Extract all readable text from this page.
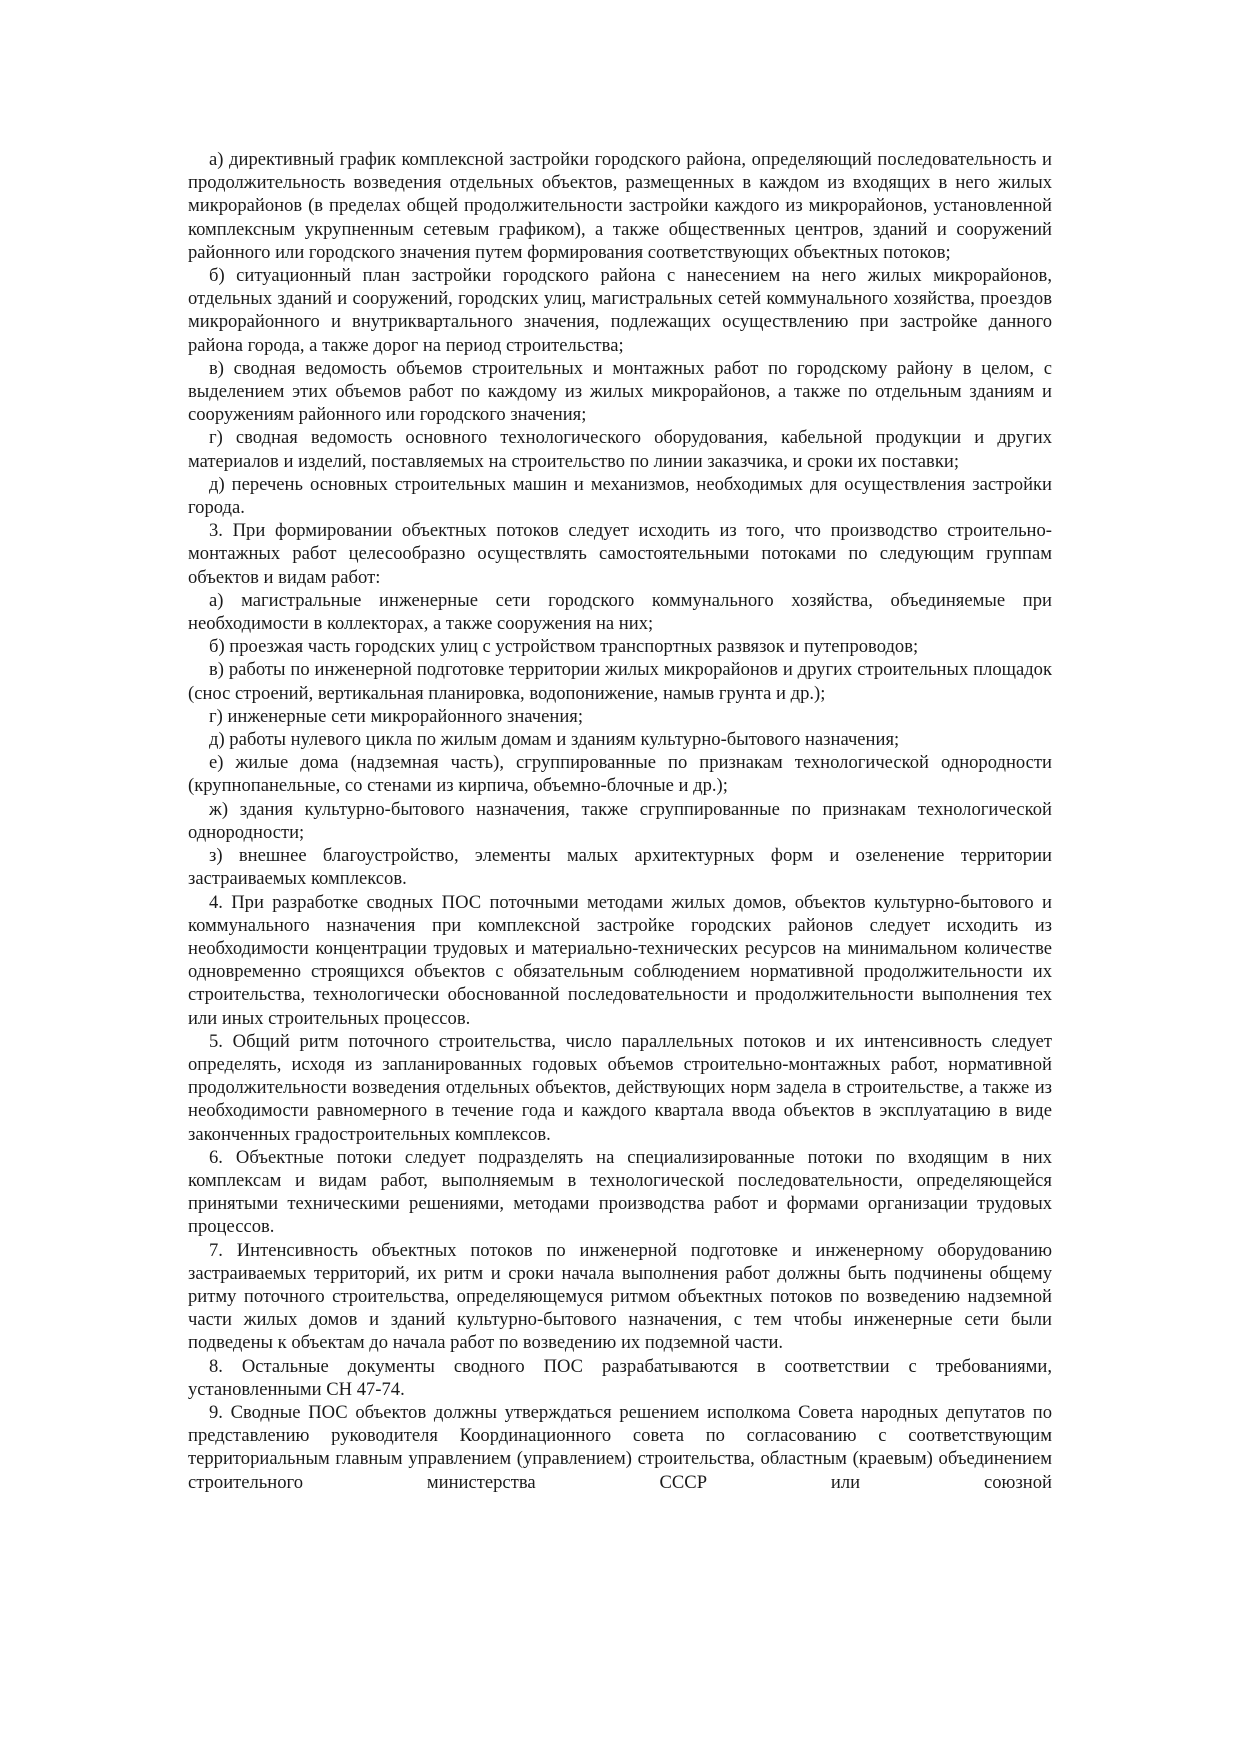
а) директивный график комплексной застройки городского района, определяющий последовательность и продолжительность возведения отдельных объектов, размещенных в каждом из входящих в него жилых микрорайонов (в пределах общей продолжительности застройки каждого из микрорайонов, установленной комплексным укрупненным сетевым графиком), а также общественных центров, зданий и сооружений районного или городского значения путем формирования соответствующих объектных потоков;

б) ситуационный план застройки городского района с нанесением на него жилых микрорайонов, отдельных зданий и сооружений, городских улиц, магистральных сетей коммунального хозяйства, проездов микрорайонного и внутриквартального значения, подлежащих осуществлению при застройке данного района города, а также дорог на период строительства;

в) сводная ведомость объемов строительных и монтажных работ по городскому району в целом, с выделением этих объемов работ по каждому из жилых микрорайонов, а также по отдельным зданиям и сооружениям районного или городского значения;

г) сводная ведомость основного технологического оборудования, кабельной продукции и других материалов и изделий, поставляемых на строительство по линии заказчика, и сроки их поставки;

д) перечень основных строительных машин и механизмов, необходимых для осуществления застройки города.

3. При формировании объектных потоков следует исходить из того, что производство строительно-монтажных работ целесообразно осуществлять самостоятельными потоками по следующим группам объектов и видам работ:

а) магистральные инженерные сети городского коммунального хозяйства, объединяемые при необходимости в коллекторах, а также сооружения на них;

б) проезжая часть городских улиц с устройством транспортных развязок и путепроводов;

в) работы по инженерной подготовке территории жилых микрорайонов и других строительных площадок (снос строений, вертикальная планировка, водопонижение, намыв грунта и др.);

г) инженерные сети микрорайонного значения;

д) работы нулевого цикла по жилым домам и зданиям культурно-бытового назначения;

е) жилые дома (надземная часть), сгруппированные по признакам технологической однородности (крупнопанельные, со стенами из кирпича, объемно-блочные и др.);

ж) здания культурно-бытового назначения, также сгруппированные по признакам технологической однородности;

з) внешнее благоустройство, элементы малых архитектурных форм и озеленение территории застраиваемых комплексов.

4. При разработке сводных ПОС поточными методами жилых домов, объектов культурно-бытового и коммунального назначения при комплексной застройке городских районов следует исходить из необходимости концентрации трудовых и материально-технических ресурсов на минимальном количестве одновременно строящихся объектов с обязательным соблюдением нормативной продолжительности их строительства, технологически обоснованной последовательности и продолжительности выполнения тех или иных строительных процессов.

5. Общий ритм поточного строительства, число параллельных потоков и их интенсивность следует определять, исходя из запланированных годовых объемов строительно-монтажных работ, нормативной продолжительности возведения отдельных объектов, действующих норм задела в строительстве, а также из необходимости равномерного в течение года и каждого квартала ввода объектов в эксплуатацию в виде законченных градостроительных комплексов.

6. Объектные потоки следует подразделять на специализированные потоки по входящим в них комплексам и видам работ, выполняемым в технологической последовательности, определяющейся принятыми техническими решениями, методами производства работ и формами организации трудовых процессов.

7. Интенсивность объектных потоков по инженерной подготовке и инженерному оборудованию застраиваемых территорий, их ритм и сроки начала выполнения работ должны быть подчинены общему ритму поточного строительства, определяющемуся ритмом объектных потоков по возведению надземной части жилых домов и зданий культурно-бытового назначения, с тем чтобы инженерные сети были подведены к объектам до начала работ по возведению их подземной части.

8. Остальные документы сводного ПОС разрабатываются в соответствии с требованиями, установленными СН 47-74.

9. Сводные ПОС объектов должны утверждаться решением исполкома Совета народных депутатов по представлению руководителя Координационного совета по согласованию с соответствующим территориальным главным управлением (управлением) строительства, областным (краевым) объединением строительного министерства СССР или союзной
